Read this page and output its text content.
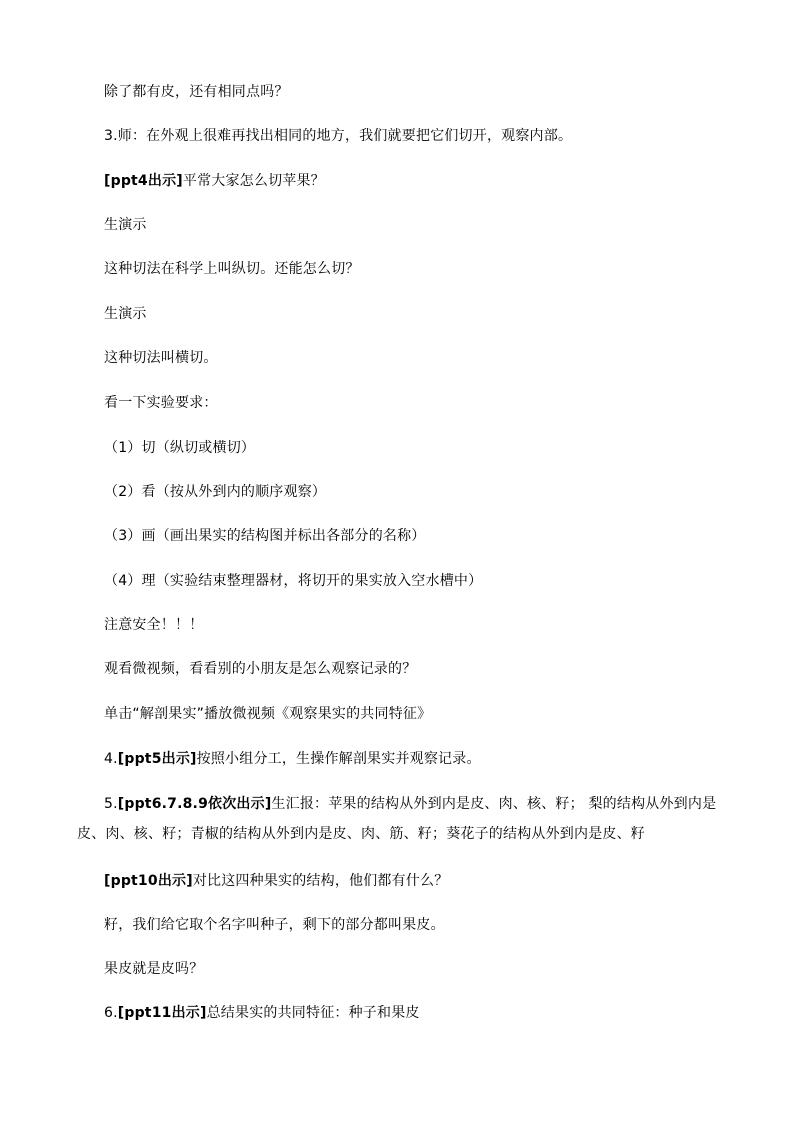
除了都有皮，还有相同点吗？
3.师：在外观上很难再找出相同的地方，我们就要把它们切开，观察内部。
[ppt4出示]平常大家怎么切苹果？
生演示
这种切法在科学上叫纵切。还能怎么切？
生演示
这种切法叫横切。
看一下实验要求：
（1）切（纵切或横切）
（2）看（按从外到内的顺序观察）
（3）画（画出果实的结构图并标出各部分的名称）
（4）理（实验结束整理器材，将切开的果实放入空水槽中）
注意安全！！！
观看微视频，看看别的小朋友是怎么观察记录的？
单击“解剖果实”播放微视频《观察果实的共同特征》
4.[ppt5出示]按照小组分工，生操作解剖果实并观察记录。
5.[ppt6.7.8.9依次出示]生汇报：苹果的结构从外到内是皮、肉、核、籽； 梨的结构从外到内是
皮、肉、核、籽；青椒的结构从外到内是皮、肉、筋、籽；葵花子的结构从外到内是皮、籽
[ppt10出示]对比这四种果实的结构，他们都有什么？
籽，我们给它取个名字叫种子，剩下的部分都叫果皮。
果皮就是皮吗？
6.[ppt11出示]总结果实的共同特征：种子和果皮
